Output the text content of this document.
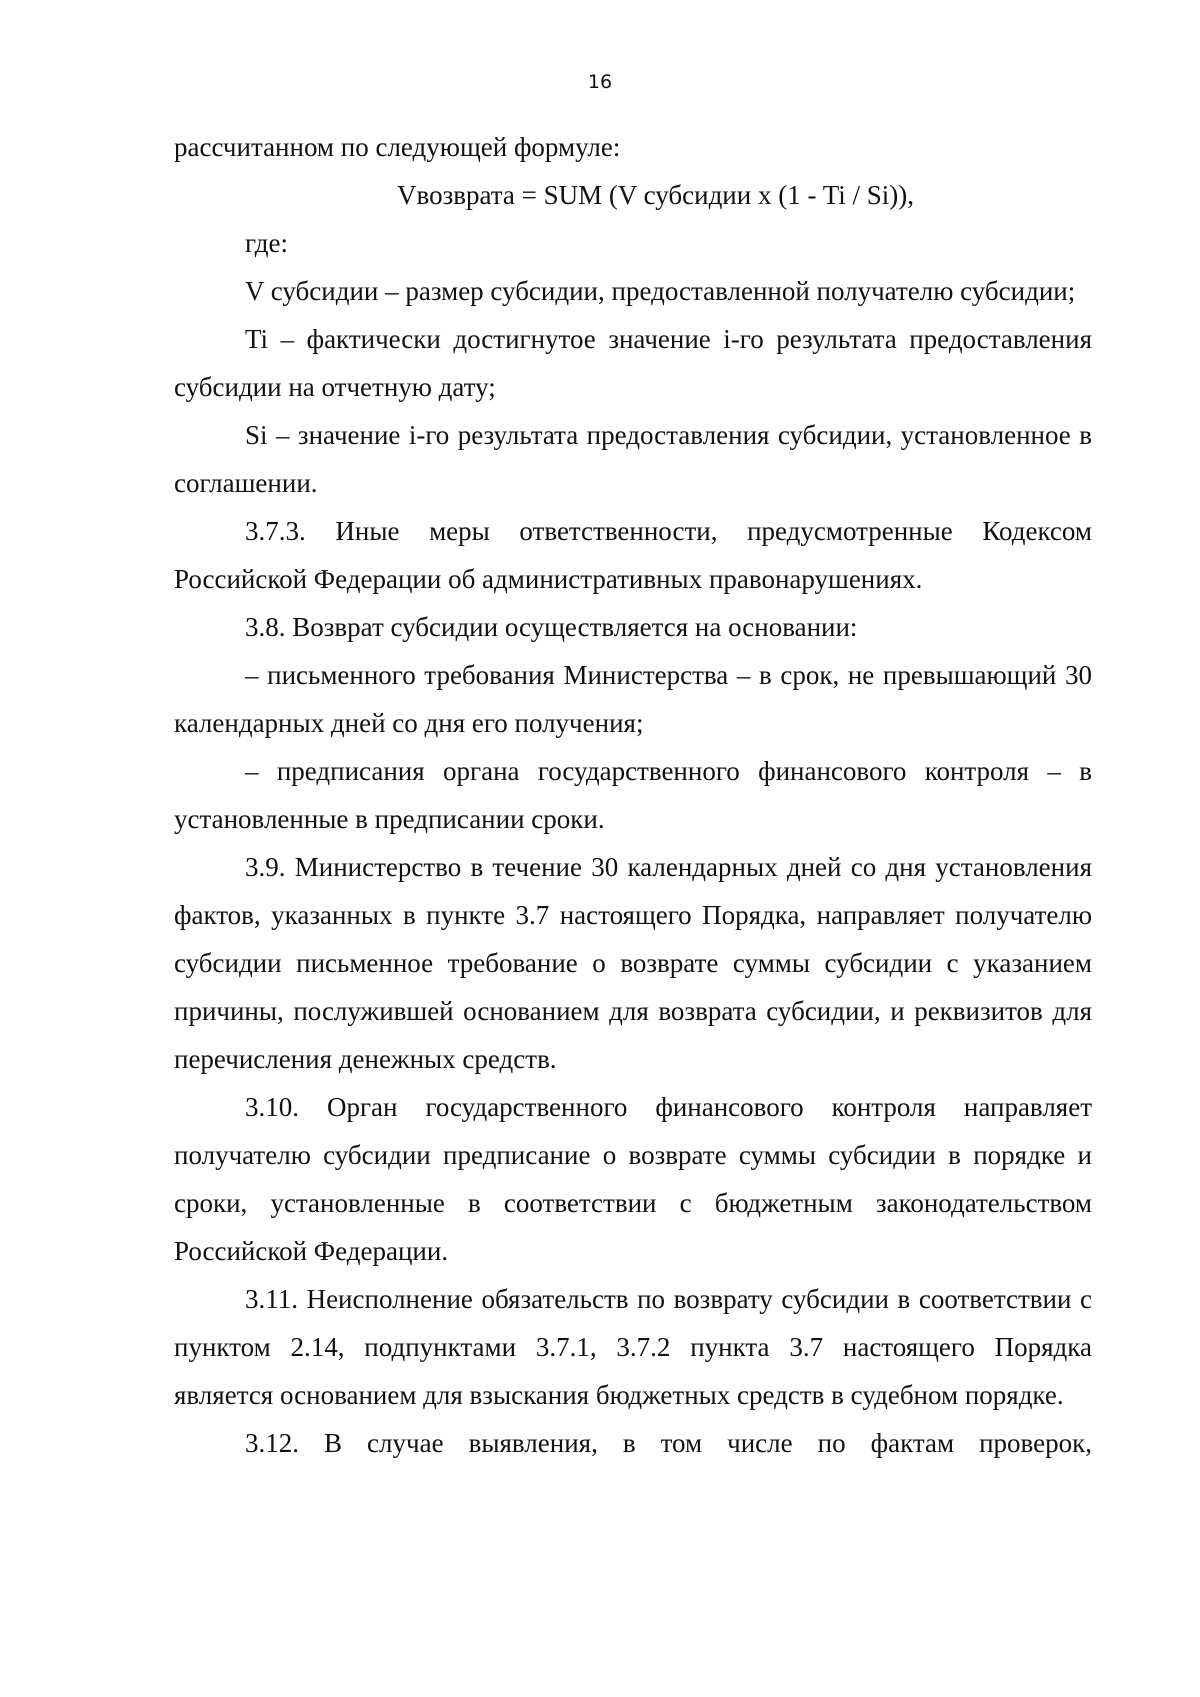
16

рассчитанном по следующей формуле:

Vвозврата = SUM (V субсидии x (1 - Ti / Si)),

где:

V субсидии – размер субсидии, предоставленной получателю субсидии;

Ti – фактически достигнутое значение i-го результата предоставления субсидии на отчетную дату;

Si – значение i-го результата предоставления субсидии, установленное в соглашении.

3.7.3. Иные меры ответственности, предусмотренные Кодексом Российской Федерации об административных правонарушениях.

3.8. Возврат субсидии осуществляется на основании:

– письменного требования Министерства – в срок, не превышающий 30 календарных дней со дня его получения;

– предписания органа государственного финансового контроля – в установленные в предписании сроки.

3.9. Министерство в течение 30 календарных дней со дня установления фактов, указанных в пункте 3.7 настоящего Порядка, направляет получателю субсидии письменное требование о возврате суммы субсидии с указанием причины, послужившей основанием для возврата субсидии, и реквизитов для перечисления денежных средств.

3.10. Орган государственного финансового контроля направляет получателю субсидии предписание о возврате суммы субсидии в порядке и сроки, установленные в соответствии с бюджетным законодательством Российской Федерации.

3.11. Неисполнение обязательств по возврату субсидии в соответствии с пунктом 2.14, подпунктами 3.7.1, 3.7.2 пункта 3.7 настоящего Порядка является основанием для взыскания бюджетных средств в судебном порядке.

3.12. В случае выявления, в том числе по фактам проверок,
